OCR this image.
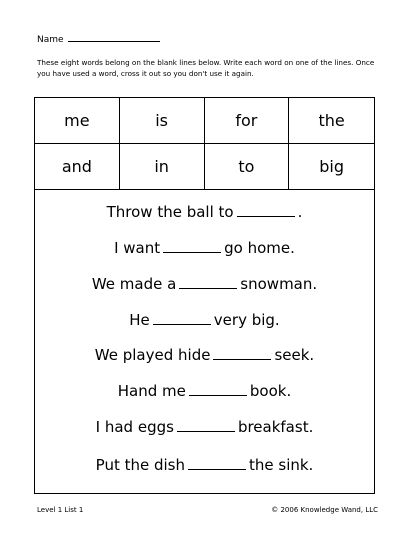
Name
These eight words belong on the blank lines below. Write each word on one of the lines. Once you have used a word, cross it out so you don't use it again.
me	is	for	the
and	in	to	big
Throw the ball to	.
I want	go home.
We made a	snowman.
He	very big.
We played hide	seek.
Hand me	book.
I had eggs	breakfast.
Put the dish	the sink.
Level 1 List 1	© 2006 Knowledge Wand, LLC
